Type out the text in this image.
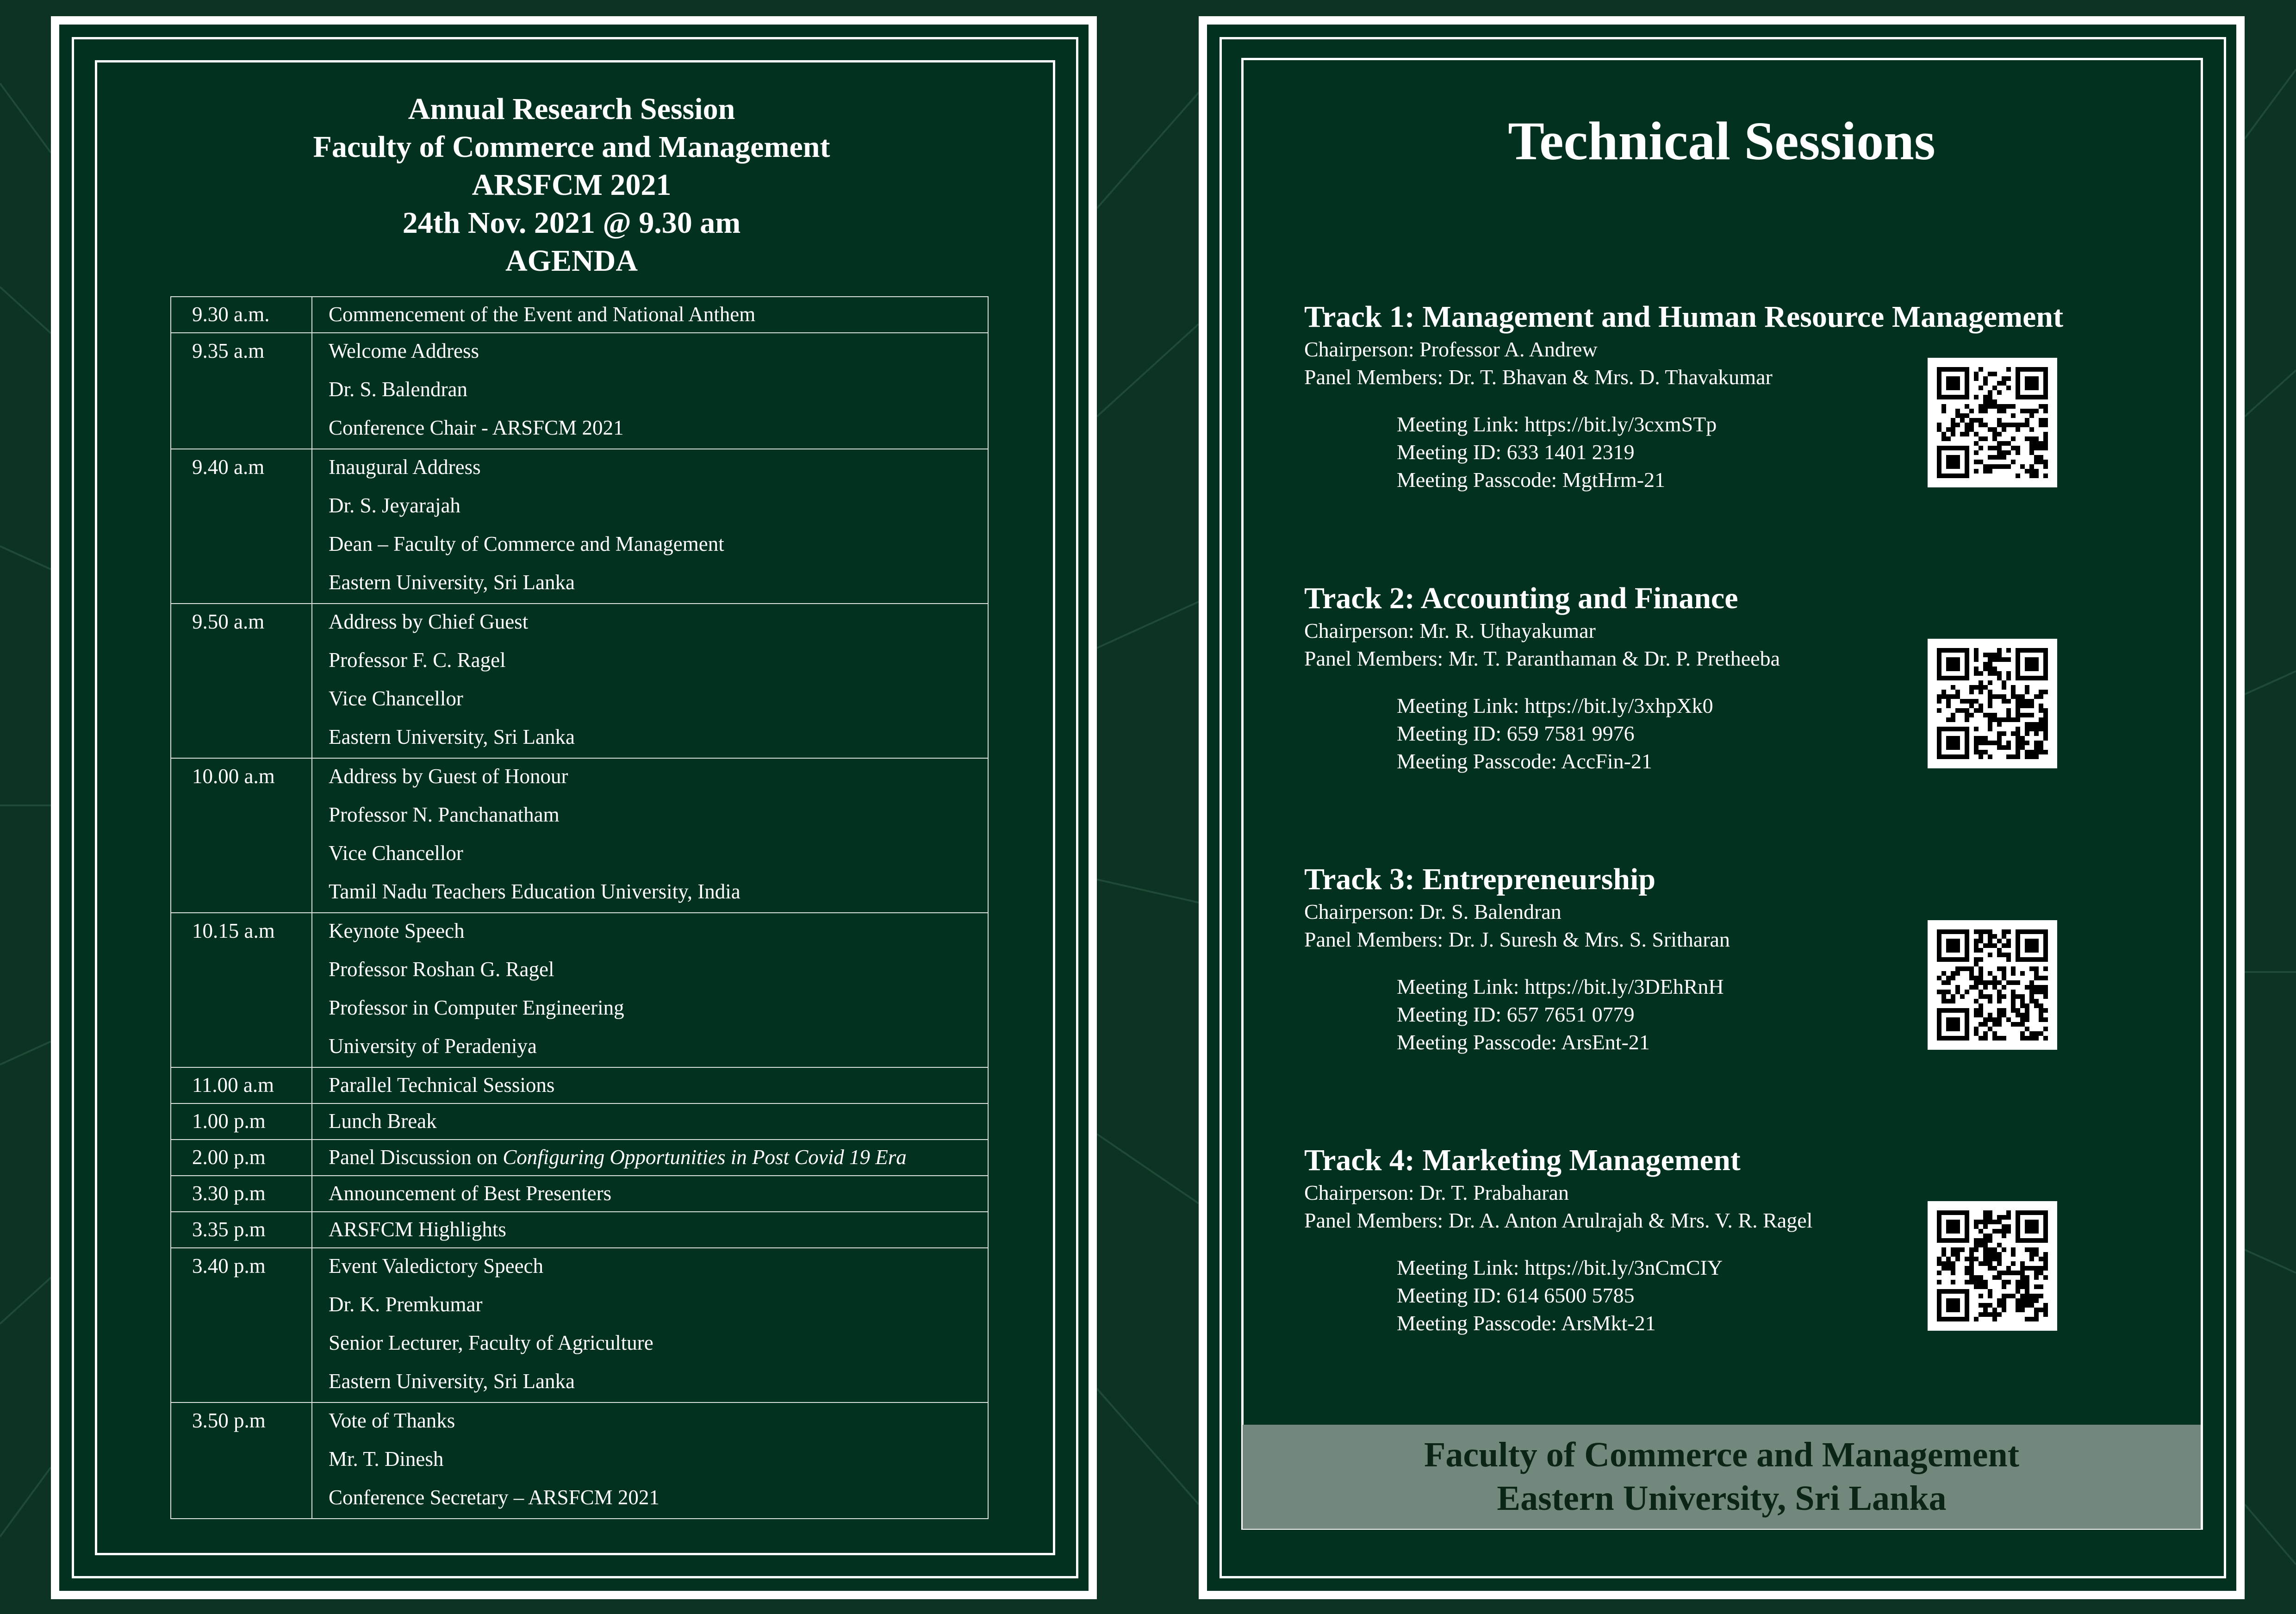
Annual Research Session
Faculty of Commerce and Management
ARSFCM 2021
24th Nov. 2021 @ 9.30 am
AGENDA
9.30 a.m.	Commencement of the Event and National Anthem

9.35 a.m	Welcome Address
Dr. S. Balendran
Conference Chair - ARSFCM 2021

9.40 a.m	Inaugural Address
Dr. S. Jeyarajah
Dean – Faculty of Commerce and Management
Eastern University, Sri Lanka

9.50 a.m	Address by Chief Guest
Professor F. C. Ragel
Vice Chancellor
Eastern University, Sri Lanka

10.00 a.m	Address by Guest of Honour
Professor N. Panchanatham
Vice Chancellor
Tamil Nadu Teachers Education University, India

10.15 a.m	Keynote Speech
Professor Roshan G. Ragel
Professor in Computer Engineering
University of Peradeniya

11.00 a.m	Parallel Technical Sessions

1.00 p.m	Lunch Break

2.00 p.m	Panel Discussion on Configuring Opportunities in Post Covid 19 Era

3.30 p.m	Announcement of Best Presenters

3.35 p.m	ARSFCM Highlights

3.40 p.m	Event Valedictory Speech
Dr. K. Premkumar
Senior Lecturer, Faculty of Agriculture
Eastern University, Sri Lanka

3.50 p.m	Vote of Thanks
Mr. T. Dinesh
Conference Secretary – ARSFCM 2021
Technical Sessions
Track 1: Management and Human Resource Management
Chairperson: Professor A. Andrew
Panel Members: Dr. T. Bhavan & Mrs. D. Thavakumar
Meeting Link: https://bit.ly/3cxmSTp
Meeting ID: 633 1401 2319
Meeting Passcode: MgtHrm-21
Track 2: Accounting and Finance
Chairperson: Mr. R. Uthayakumar
Panel Members: Mr. T. Paranthaman & Dr. P. Pretheeba
Meeting Link: https://bit.ly/3xhpXk0
Meeting ID: 659 7581 9976
Meeting Passcode: AccFin-21
Track 3: Entrepreneurship
Chairperson: Dr. S. Balendran
Panel Members: Dr. J. Suresh & Mrs. S. Sritharan
Meeting Link: https://bit.ly/3DEhRnH
Meeting ID: 657 7651 0779
Meeting Passcode: ArsEnt-21
Track 4: Marketing Management
Chairperson: Dr. T. Prabaharan
Panel Members: Dr. A. Anton Arulrajah & Mrs. V. R. Ragel
Meeting Link: https://bit.ly/3nCmCIY
Meeting ID: 614 6500 5785
Meeting Passcode: ArsMkt-21
Faculty of Commerce and Management
Eastern University, Sri Lanka
